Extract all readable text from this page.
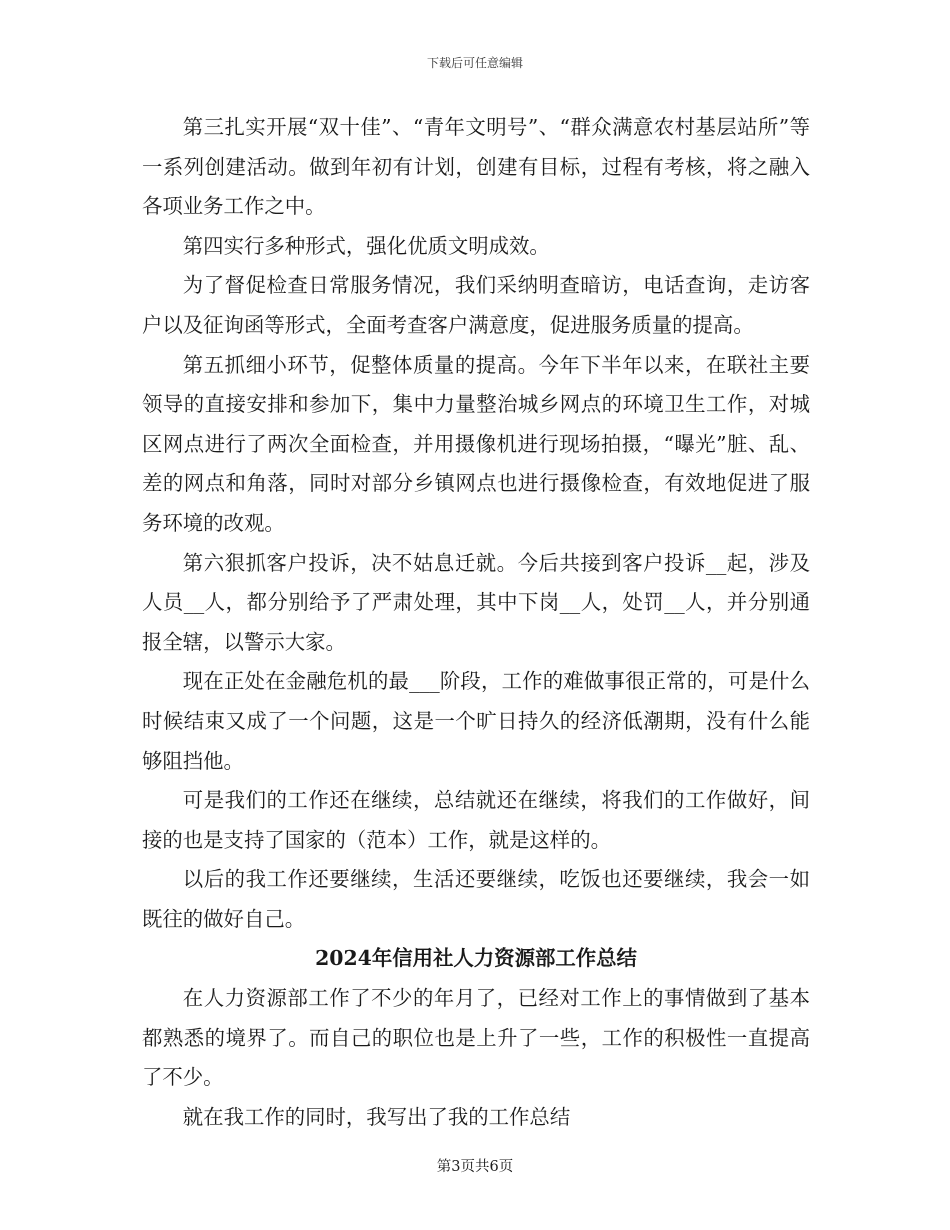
下载后可任意编辑

第三扎实开展“双十佳”、“青年文明号”、“群众满意农村基层站所”等一系列创建活动。做到年初有计划，创建有目标，过程有考核，将之融入各项业务工作之中。

第四实行多种形式，强化优质文明成效。

为了督促检查日常服务情况，我们采纳明查暗访，电话查询，走访客户以及征询函等形式，全面考查客户满意度，促进服务质量的提高。

第五抓细小环节，促整体质量的提高。今年下半年以来，在联社主要领导的直接安排和参加下，集中力量整治城乡网点的环境卫生工作，对城区网点进行了两次全面检查，并用摄像机进行现场拍摄，“曝光”脏、乱、差的网点和角落，同时对部分乡镇网点也进行摄像检查，有效地促进了服务环境的改观。

第六狠抓客户投诉，决不姑息迁就。今后共接到客户投诉__起，涉及人员__人，都分别给予了严肃处理，其中下岗__人，处罚__人，并分别通报全辖，以警示大家。

现在正处在金融危机的最___阶段，工作的难做事很正常的，可是什么时候结束又成了一个问题，这是一个旷日持久的经济低潮期，没有什么能够阻挡他。

可是我们的工作还在继续，总结就还在继续，将我们的工作做好，间接的也是支持了国家的（范本）工作，就是这样的。

以后的我工作还要继续，生活还要继续，吃饭也还要继续，我会一如既往的做好自己。

2024年信用社人力资源部工作总结

在人力资源部工作了不少的年月了，已经对工作上的事情做到了基本都熟悉的境界了。而自己的职位也是上升了一些，工作的积极性一直提高了不少。

就在我工作的同时，我写出了我的工作总结

第3页共6页
